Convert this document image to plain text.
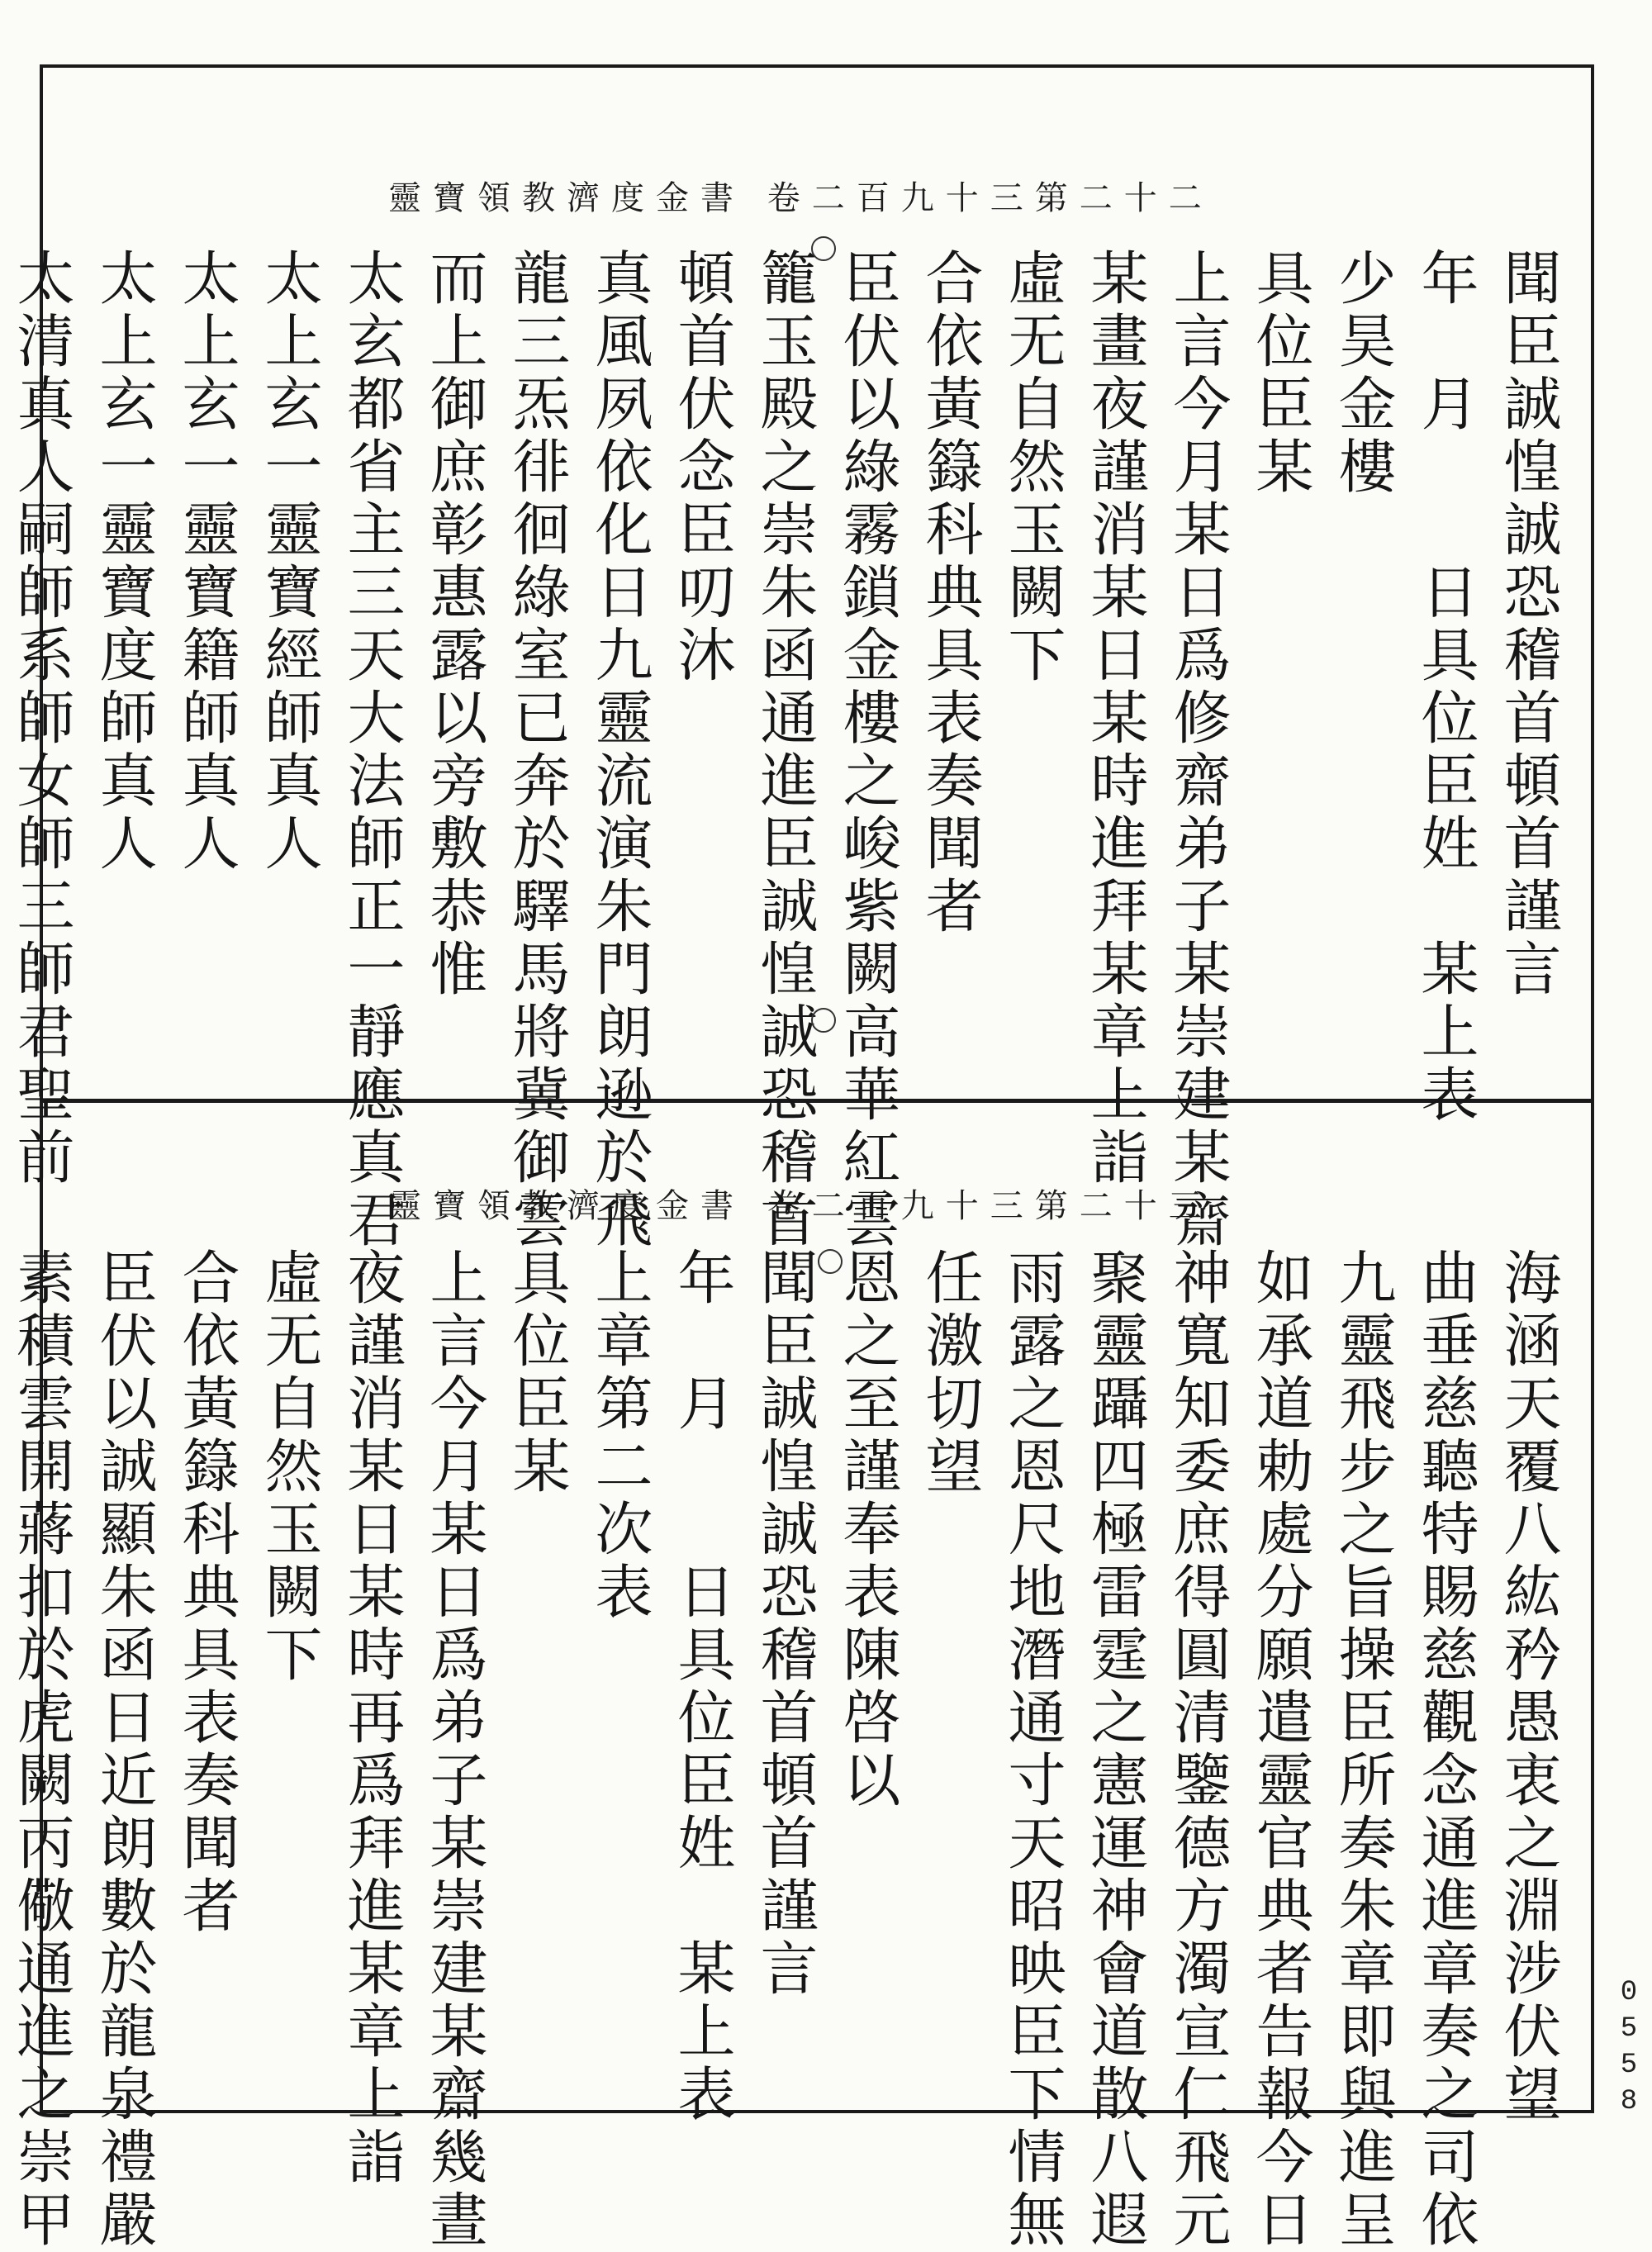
靈寶領教濟度金書 卷二百九十三第二十二
靈寶領教濟度金書 卷二百九十三第二十三
聞臣誠惶誠恐稽首頓首謹言
年　月　　日具位臣姓　某上表
少昊金樓
具位臣某
上言今月某日爲修齋弟子某崇建某齋
某畫夜謹消某日某時進拜某章上詣
虛无自然玉闕下
合依黃籙科典具表奏聞者
臣伏以綠霧鎖金樓之峻紫闕高華紅雲
籠玉殿之崇朱函通進臣誠惶誠恐稽首
頓首伏念臣叨沐
真風夙依化日九靈流演朱門朗逊於飛
龍三炁徘徊綠室已奔於驛馬將冀御雲
而上御庶彰惠露以旁敷恭惟
太玄都省主三天大法師正一靜應真君
太上玄一靈寶經師真人
太上玄一靈寶籍師真人
太上玄一靈寶度師真人
太清真人嗣師系師女師三師君聖前
海涵天覆八紘矜愚衷之淵涉伏望
曲垂慈聽特賜慈觀念通進章奏之司依
九靈飛步之旨操臣所奏朱章即與進呈
如承道勅處分願遣靈官典者告報今日
神寬知委庶得圓清鑒德方濁宣仁飛元
聚靈躡四極雷霆之憲運神會道散八遐
雨露之恩尺地潛通寸天昭映臣下情無
任激切望
恩之至謹奉表陳啓以
聞臣誠惶誠恐稽首頓首謹言
年　月　　日具位臣姓　某上表
上章第二次表
具位臣某
上言今月某日爲弟子某崇建某齋幾晝
夜謹消某日某時再爲拜進某章上詣
虛无自然玉闕下
合依黃籙科典具表奏聞者
臣伏以誠顯朱函日近朗數於龍泉禮嚴
素積雲開蔣扣於虎闕丙儆通進之崇甲	0
5
5
8
